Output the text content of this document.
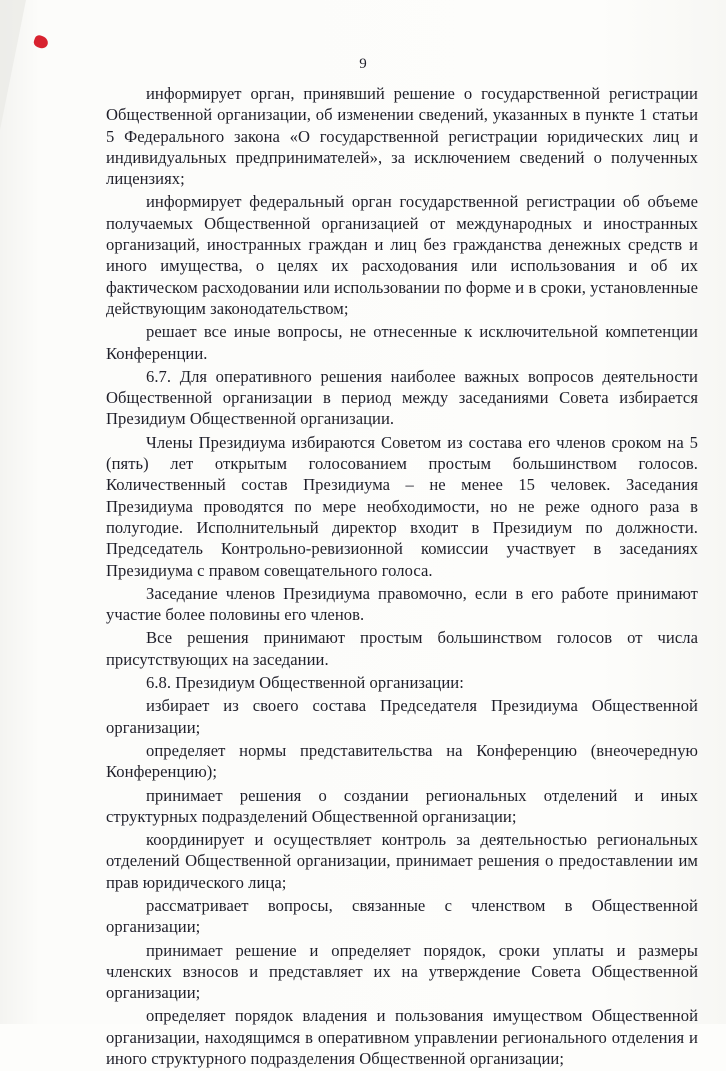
9

информирует орган, принявший решение о государственной регистрации Общественной организации, об изменении сведений, указанных в пункте 1 статьи 5 Федерального закона «О государственной регистрации юридических лиц и индивидуальных предпринимателей», за исключением сведений о полученных лицензиях;

информирует федеральный орган государственной регистрации об объеме получаемых Общественной организацией от международных и иностранных организаций, иностранных граждан и лиц без гражданства денежных средств и иного имущества, о целях их расходования или использования и об их фактическом расходовании или использовании по форме и в сроки, установленные действующим законодательством;

решает все иные вопросы, не отнесенные к исключительной компетенции Конференции.

6.7. Для оперативного решения наиболее важных вопросов деятельности Общественной организации в период между заседаниями Совета избирается Президиум Общественной организации.

Члены Президиума избираются Советом из состава его членов сроком на 5 (пять) лет открытым голосованием простым большинством голосов. Количественный состав Президиума – не менее 15 человек. Заседания Президиума проводятся по мере необходимости, но не реже одного раза в полугодие. Исполнительный директор входит в Президиум по должности. Председатель Контрольно-ревизионной комиссии участвует в заседаниях Президиума с правом совещательного голоса.

Заседание членов Президиума правомочно, если в его работе принимают участие более половины его членов.

Все решения принимают простым большинством голосов от числа присутствующих на заседании.

6.8. Президиум Общественной организации:

избирает из своего состава Председателя Президиума Общественной организации;

определяет нормы представительства на Конференцию (внеочередную Конференцию);

принимает решения о создании региональных отделений и иных структурных подразделений Общественной организации;

координирует и осуществляет контроль за деятельностью региональных отделений Общественной организации, принимает решения о предоставлении им прав юридического лица;

рассматривает вопросы, связанные с членством в Общественной организации;

принимает решение и определяет порядок, сроки уплаты и размеры членских взносов и представляет их на утверждение Совета Общественной организации;

определяет порядок владения и пользования имуществом Общественной организации, находящимся в оперативном управлении регионального отделения и иного структурного подразделения Общественной организации;
